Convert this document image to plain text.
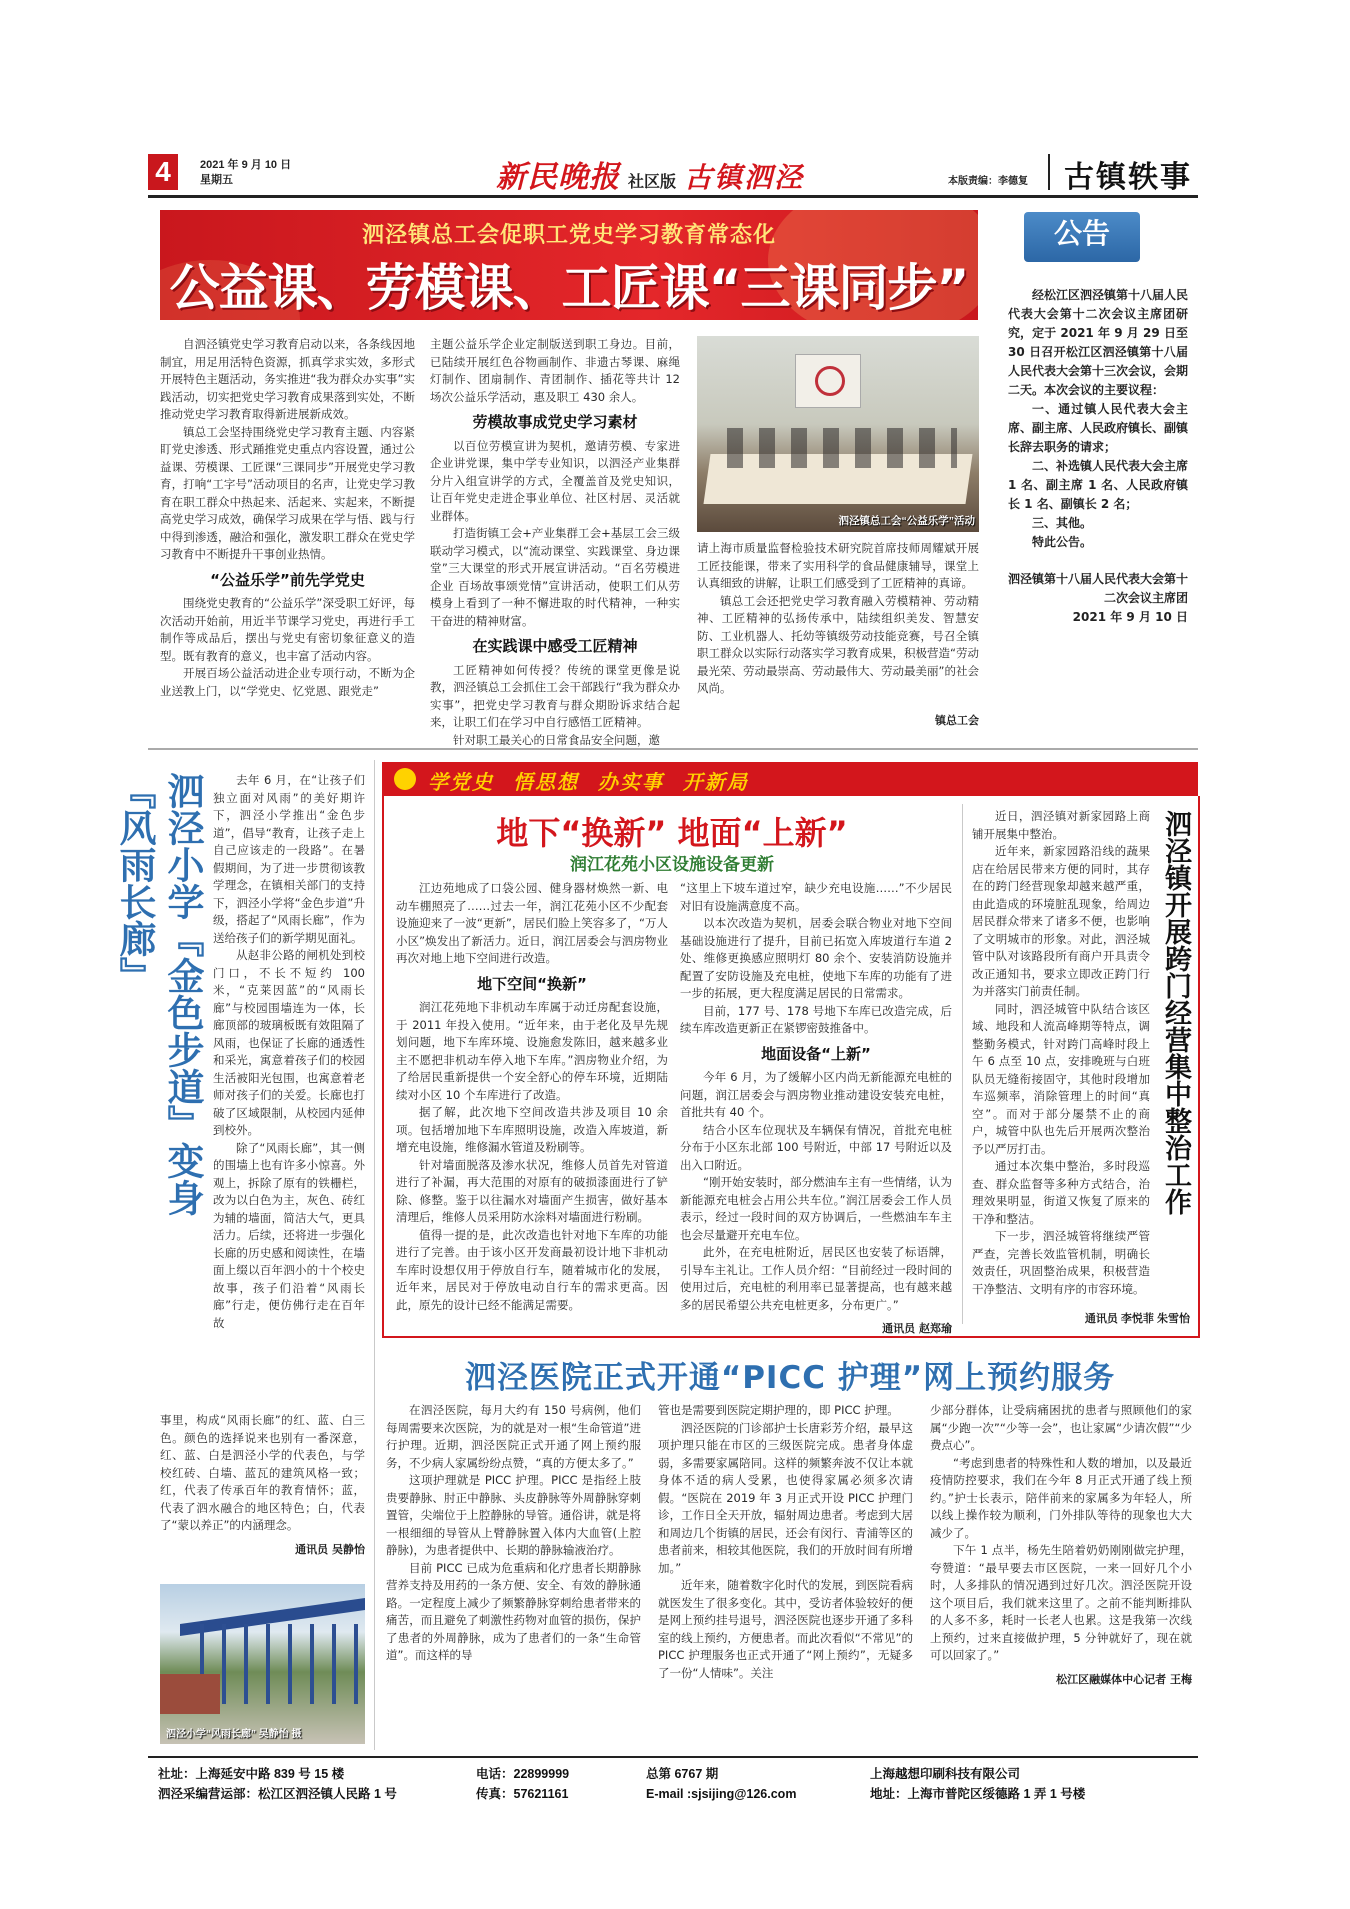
4	2021 年 9 月 10 日
星期五	新民晚报 社区版 古镇泗泾	本版责编：李德复 古镇轶事
泗泾镇总工会促职工党史学习教育常态化
公益课、劳模课、工匠课“三课同步”

自泗泾镇党史学习教育启动以来，各条线因地制宜，用足用活特色资源，抓真学求实效，多形式开展特色主题活动，务实推进“我为群众办实事”实践活动，切实把党史学习教育成果落到实处，不断推动党史学习教育取得新进展新成效。

镇总工会坚持围绕党史学习教育主题、内容紧盯党史渗透、形式踊推党史重点内容设置，通过公益课、劳模课、工匠课“三课同步”开展党史学习教育，打响“工字号”活动项目的名声，让党史学习教育在职工群众中热起来、活起来、实起来，不断提高党史学习成效，确保学习成果在学与悟、践与行中得到渗透，融洽和强化，激发职工群众在党史学习教育中不断提升干事创业热情。

“公益乐学”前先学党史

围绕党史教育的“公益乐学”深受职工好评，每次活动开始前，用近半节课学习党史，再进行手工制作等成品后，摆出与党史有密切象征意义的造型。既有教育的意义，也丰富了活动内容。

开展百场公益活动进企业专项行动，不断为企业送教上门，以“学党史、忆党恩、跟党走”

主题公益乐学企业定制版送到职工身边。目前，已陆续开展红色谷物画制作、非遗古琴课、麻绳灯制作、团扇制作、青团制作、插花等共计 12 场次公益乐学活动，惠及职工 430 余人。

劳模故事成党史学习素材

以百位劳模宣讲为契机，邀请劳模、专家进企业讲党课，集中学专业知识，以泗泾产业集群分片入组宣讲学的方式，全覆盖首及党史知识，让百年党史走进企事业单位、社区村居、灵活就业群体。

打造街镇工会+产业集群工会+基层工会三级联动学习模式，以“流动课堂、实践课堂、身边课堂”三大课堂的形式开展宣讲活动。“百名劳模进企业 百场故事颂党情”宣讲活动，使职工们从劳模身上看到了一种不懈进取的时代精神，一种实干奋进的精神财富。

在实践课中感受工匠精神

工匠精神如何传授？传统的课堂更像是说教，泗泾镇总工会抓住工会干部践行“我为群众办实事”，把党史学习教育与群众期盼诉求结合起来，让职工们在学习中自行感悟工匠精神。

针对职工最关心的日常食品安全问题，邀

泗泾镇总工会“公益乐学”活动

请上海市质量监督检验技术研究院首席技师周耀斌开展工匠技能课，带来了实用科学的食品健康辅导，课堂上认真细致的讲解，让职工们感受到了工匠精神的真谛。

镇总工会还把党史学习教育融入劳模精神、劳动精神、工匠精神的弘扬传承中，陆续组织美发、智慧安防、工业机器人、托幼等镇级劳动技能竞赛，号召全镇职工群众以实际行动落实学习教育成果，积极营造“劳动最光荣、劳动最崇高、劳动最伟大、劳动最美丽”的社会风尚。

镇总工会
公告
经松江区泗泾镇第十八届人民代表大会第十二次会议主席团研究，定于 2021 年 9 月 29 日至 30 日召开松江区泗泾镇第十八届人民代表大会第十三次会议，会期二天。本次会议的主要议程：
一、通过镇人民代表大会主席、副主席、人民政府镇长、副镇长辞去职务的请求；
二、补选镇人民代表大会主席 1 名、副主席 1 名、人民政府镇长 1 名、副镇长 2 名；
三、其他。
特此公告。
泗泾镇第十八届人民代表大会第十二次会议主席团
2021 年 9 月 10 日
泗泾小学『金色步道』变身『风雨长廊』	去年 6 月，在“让孩子们独立面对风雨”的美好期许下，泗泾小学推出“金色步道”，倡导“教育，让孩子走上自己应该走的一段路”。在暑假期间，为了进一步贯彻该教学理念，在镇相关部门的支持下，泗泾小学将“金色步道”升级，搭起了“风雨长廊”，作为送给孩子们的新学期见面礼。

从赵非公路的闸机处到校门口，不长不短约 100 米，“克莱因蓝”的“风雨长廊”与校园围墙连为一体，长廊顶部的玻璃板既有效阻隔了风雨，也保证了长廊的通透性和采光，寓意着孩子们的校园生活被阳光包围，也寓意着老师对孩子们的关爱。长廊也打破了区域限制，从校园内延伸到校外。

除了“风雨长廊”，其一侧的围墙上也有许多小惊喜。外观上，拆除了原有的铁栅栏，改为以白色为主，灰色、砖红为辅的墙面，简洁大气，更具活力。后续，还将进一步强化长廊的历史感和阅读性，在墙面上缀以百年泗小的十个校史故事，孩子们沿着“风雨长廊”行走，便仿佛行走在百年故

事里，构成“风雨长廊”的红、蓝、白三色。颜色的选择说来也别有一番深意，红、蓝、白是泗泾小学的代表色，与学校红砖、白墙、蓝瓦的建筑风格一致；红，代表了传承百年的教育情怀；蓝，代表了泗水融合的地区特色；白，代表了“蒙以养正”的内涵理念。

通讯员 吴静怡
泗泾小学“风雨长廊” 吴静怡 摄
学党史 悟思想 办实事 开新局
地下“换新” 地面“上新”
润江花苑小区设施设备更新

江边苑地成了口袋公园、健身器材焕然一新、电动车棚照亮了……过去一年，润江花苑小区不少配套设施迎来了一波“更新”，居民们脸上笑容多了，“万人小区”焕发出了新活力。近日，润江居委会与泗房物业再次对地上地下空间进行改造。

地下空间“换新”

润江花苑地下非机动车库属于动迁房配套设施，于 2011 年投入使用。“近年来，由于老化及早先规划问题，地下车库环境、设施愈发陈旧，越来越多业主不愿把非机动车停入地下车库。”泗房物业介绍，为了给居民重新提供一个安全舒心的停车环境，近期陆续对小区 10 个车库进行了改造。

据了解，此次地下空间改造共涉及项目 10 余项。包括增加地下车库照明设施，改造入库坡道，新增充电设施，维修漏水管道及粉刷等。

针对墙面脱落及渗水状况，维修人员首先对管道进行了补漏，再大范围的对原有的破损漆面进行了铲除、修整。鉴于以往漏水对墙面产生损害，做好基本清理后，维修人员采用防水涂料对墙面进行粉刷。

值得一提的是，此次改造也针对地下车库的功能进行了完善。由于该小区开发商最初设计地下非机动车库时设想仅用于停放自行车，随着城市化的发展，近年来，居民对于停放电动自行车的需求更高。因此，原先的设计已经不能满足需要。

“这里上下坡车道过窄，缺少充电设施……”不少居民对旧有设施满意度不高。

以本次改造为契机，居委会联合物业对地下空间基础设施进行了提升，目前已拓宽入库坡道行车道 2 处、维修更换感应照明灯 80 余个、安装消防设施并配置了安防设施及充电桩，使地下车库的功能有了进一步的拓展，更大程度满足居民的日常需求。

目前，177 号、178 号地下车库已改造完成，后续车库改造更新正在紧锣密鼓推备中。

地面设备“上新”

今年 6 月，为了缓解小区内尚无新能源充电桩的问题，润江居委会与泗房物业推动建设安装充电桩，首批共有 40 个。

结合小区车位现状及车辆保有情况，首批充电桩分布于小区东北部 100 号附近，中部 17 号附近以及出入口附近。

“刚开始安装时，部分燃油车主有一些情绪，认为新能源充电桩会占用公共车位。”润江居委会工作人员表示，经过一段时间的双方协调后，一些燃油车车主也会尽量避开充电车位。

此外，在充电桩附近，居民区也安装了标语牌，引导车主礼让。工作人员介绍：“目前经过一段时间的使用过后，充电桩的利用率已显著提高，也有越来越多的居民希望公共充电桩更多，分布更广。”

通讯员 赵郑瑜
泗泾镇开展跨门经营集中整治工作

近日，泗泾镇对新家园路上商铺开展集中整治。

近年来，新家园路沿线的蔬果店在给居民带来方便的同时，其存在的跨门经营现象却越来越严重，由此造成的环境脏乱现象，给周边居民群众带来了诸多不便，也影响了文明城市的形象。对此，泗泾城管中队对该路段所有商户开具责令改正通知书，要求立即改正跨门行为并落实门前责任制。

同时，泗泾城管中队结合该区域、地段和人流高峰期等特点，调整勤务模式，针对跨门高峰时段上午 6 点至 10 点，安排晚班与白班队员无缝衔接固守，其他时段增加车巡频率，消除管理上的时间“真空”。而对于部分屡禁不止的商户，城管中队也先后开展两次整治予以严厉打击。

通过本次集中整治，多时段巡查、群众监督等多种方式结合，治理效果明显，街道又恢复了原来的干净和整洁。

下一步，泗泾城管将继续严管严查，完善长效监管机制，明确长效责任，巩固整治成果，积极营造干净整洁、文明有序的市容环境。

通讯员 李悦菲 朱雪怡
泗泾医院正式开通“PICC 护理”网上预约服务

在泗泾医院，每月大约有 150 号病例，他们每周需要来次医院，为的就是对一根“生命管道”进行护理。近期，泗泾医院正式开通了网上预约服务，不少病人家属纷纷点赞，“真的方便太多了。”

这项护理就是 PICC 护理。PICC 是指经上肢贵要静脉、肘正中静脉、头皮静脉等外周静脉穿刺置管，尖端位于上腔静脉的导管。通俗讲，就是将一根细细的导管从上臂静脉置入体内大血管(上腔静脉)，为患者提供中、长期的静脉输液治疗。

目前 PICC 已成为危重病和化疗患者长期静脉营养支持及用药的一条方便、安全、有效的静脉通路。一定程度上减少了频繁静脉穿刺给患者带来的痛苦，而且避免了刺激性药物对血管的损伤，保护了患者的外周静脉，成为了患者们的一条“生命管道”。而这样的导

管也是需要到医院定期护理的，即 PICC 护理。

泗泾医院的门诊部护士长唐彩芳介绍，最早这项护理只能在市区的三级医院完成。患者身体虚弱，多需要家属陪同。这样的频繁奔波不仅让本就身体不适的病人受累，也使得家属必须多次请假。“医院在 2019 年 3 月正式开设 PICC 护理门诊，工作日全天开放，辐射周边患者。考虑到大居和周边几个街镇的居民，还会有闵行、青浦等区的患者前来，相较其他医院，我们的开放时间有所增加。”

近年来，随着数字化时代的发展，到医院看病就医发生了很多变化。其中，受访者体验较好的便是网上预约挂号退号，泗泾医院也逐步开通了多科室的线上预约，方便患者。而此次看似“不常见”的 PICC 护理服务也正式开通了“网上预约”，无疑多了一份“人情味”。关注

少部分群体，让受病痛困扰的患者与照顾他们的家属“少跑一次”“少等一会”，也让家属“少请次假”“少费点心”。

“考虑到患者的特殊性和人数的增加，以及最近疫情防控要求，我们在今年 8 月正式开通了线上预约。”护士长表示，陪伴前来的家属多为年轻人，所以线上操作较为顺利，门外排队等待的现象也大大减少了。

下午 1 点半，杨先生陪着奶奶刚刚做完护理，夸赞道：“最早要去市区医院，一来一回好几个小时，人多排队的情况遇到过好几次。泗泾医院开设这个项目后，我们就来这里了。之前不能判断排队的人多不多，耗时一长老人也累。这是我第一次线上预约，过来直接做护理，5 分钟就好了，现在就可以回家了。”

松江区融媒体中心记者 王梅
社址：上海延安中路 839 号 15 楼
泗泾采编营运部：松江区泗泾镇人民路 1 号
电话：22899999
传真：57621161
总第 6767 期
E-mail :sjsijing@126.com
上海越想印刷科技有限公司
地址：上海市普陀区绥德路 1 弄 1 号楼
